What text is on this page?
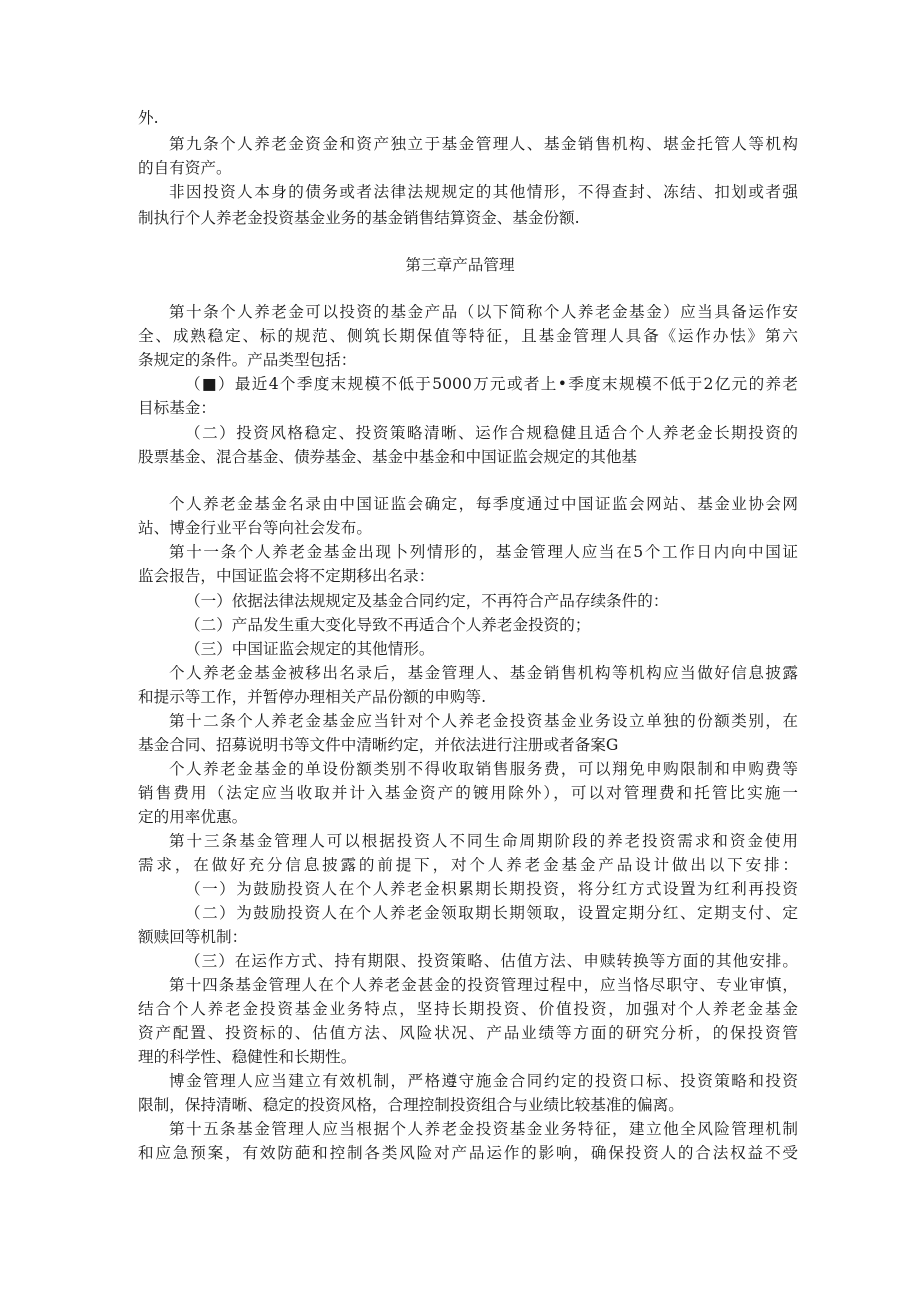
外.
第九条个人养老金资金和资产独立于基金管理人、基金销售机构、堪金托管人等机构
的自有资产。
非因投资人本身的债务或者法律法规规定的其他情形，不得查封、冻结、扣划或者强
制执行个人养老金投资基金业务的基金销售结算资金、基金份额.
第三章产品管理
第十条个人养老金可以投资的基金产品（以下简称个人养老金基金）应当具备运作安
全、成熟稳定、标的规范、侧筑长期保值等特征，且基金管理人具备《运作办怯》第六
条规定的条件。产品类型包括：
（■）最近4个季度末规模不低于5000万元或者上•季度末规模不低于2亿元的养老
目标基金：
（二）投资风格稳定、投资策略清晰、运作合规稳健且适合个人养老金长期投资的
股票基金、混合基金、债券基金、基金中基金和中国证监会规定的其他基
个人养老金基金名录由中国证监会确定，每季度通过中国证监会网站、基金业协会网
站、博金行业平台等向社会发布。
第十一条个人养老金基金出现卜列情形的，基金管理人应当在5个工作日内向中国证
监会报告，中国证监会将不定期移出名录：
（一）依据法律法规规定及基金合同约定，不再符合产品存续条件的：
（二）产品发生重大变化导致不再适合个人养老金投资的；
（三）中国证监会规定的其他情形。
个人养老金基金被移出名录后，基金管理人、基金销售机构等机构应当做好信息披露
和提示等工作，并暂停办理相关产品份额的申购等.
第十二条个人养老金基金应当针对个人养老金投资基金业务设立单独的份额类别，在
基金合同、招募说明书等文件中清晰约定，并依法进行注册或者备案G
个人养老金基金的单设份额类别不得收取销售服务费，可以翔免申购限制和申购费等
销售费用（法定应当收取并计入基金资产的镀用除外），可以对管理费和托管比实施一
定的用率优惠。
第十三条基金管理人可以根据投资人不同生命周期阶段的养老投资需求和资金使用
需求，在做好充分信息披露的前提下，对个人养老金基金产品设计做出以下安排：
（一）为鼓励投资人在个人养老金枳累期长期投资，将分红方式设置为红利再投资
（二）为鼓励投资人在个人养老金领取期长期领取，设置定期分红、定期支付、定
额赎回等机制：
（三）在运作方式、持有期限、投资策略、估值方法、申赎转换等方面的其他安排。
第十四条基金管理人在个人养老金甚金的投资管理过程中，应当恪尽职守、专业审慎，
结合个人养老金投资基金业务特点，坚持长期投资、价值投资，加强对个人养老金基金
资产配置、投资标的、估值方法、风险状况、产品业绩等方面的研究分析，的保投资管
理的科学性、稳健性和长期性。
博金管理人应当建立有效机制，严格遵守施金合同约定的投资口标、投资策略和投资
限制，保持清晰、稳定的投资风格，合理控制投资组合与业绩比较基准的偏离。
第十五条基金管理人应当根据个人养老金投资基金业务特征，建立他全风险管理机制
和应急预案，有效防葩和控制各类风险对产品运作的影响，确保投资人的合法权益不受
